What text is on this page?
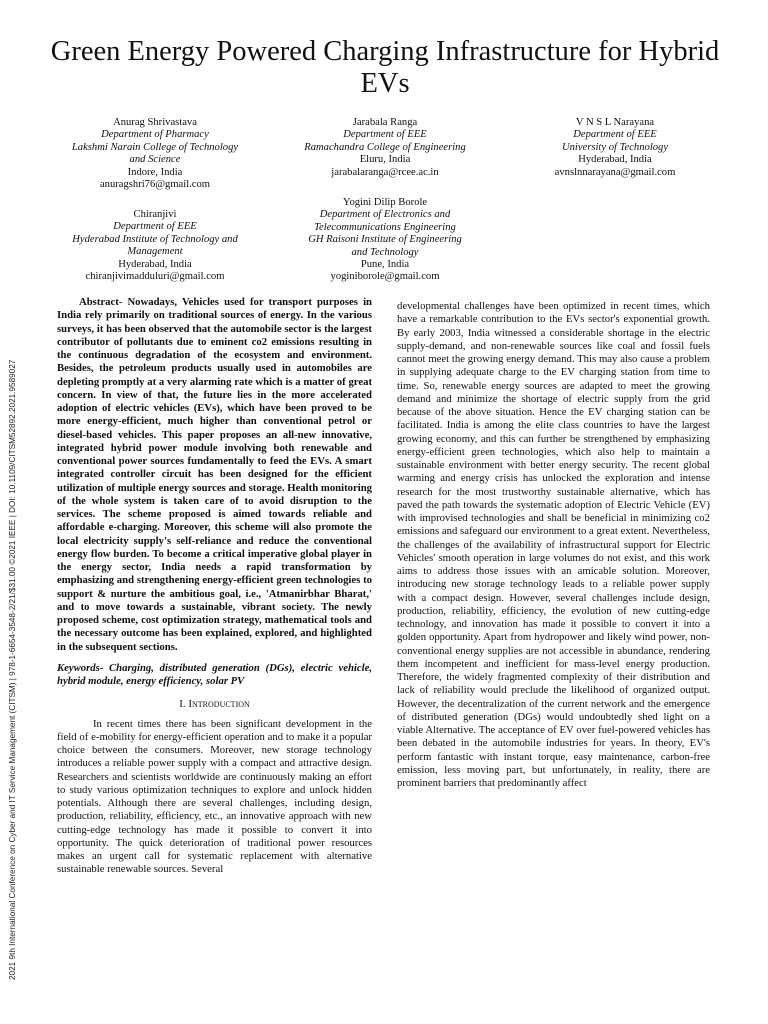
2021 9th International Conference on Cyber and IT Service Management (CITSM) | 978-1-6654-3548-2/21/$31.00 ©2021 IEEE | DOI: 10.1109/CITSM52892.2021.9589027
Green Energy Powered Charging Infrastructure for Hybrid EVs
Anurag Shrivastava
Department of Pharmacy
Lakshmi Narain College of Technology
and Science
Indore, India
anuragshri76@gmail.com
Jarabala Ranga
Department of EEE
Ramachandra College of Engineering
Eluru, India
jarabalaranga@rcee.ac.in
V N S L Narayana
Department of EEE
University of Technology
Hyderabad, India
avnslnnarayana@gmail.com
Chiranjivi
Department of EEE
Hyderabad Institute of Technology and
Management
Hyderabad, India
chiranjivimadduluri@gmail.com
Yogini Dilip Borole
Department of Electronics and
Telecommunications Engineering
GH Raisoni Institute of Engineering
and Technology
Pune, India
yoginiborole@gmail.com

Abstract- Nowadays, Vehicles used for transport purposes in India rely primarily on traditional sources of energy. In the various surveys, it has been observed that the automobile sector is the largest contributor of pollutants due to eminent co2 emissions resulting in the continuous degradation of the ecosystem and environment. Besides, the petroleum products usually used in automobiles are depleting promptly at a very alarming rate which is a matter of great concern. In view of that, the future lies in the more accelerated adoption of electric vehicles (EVs), which have been proved to be more energy-efficient, much higher than conventional petrol or diesel-based vehicles. This paper proposes an all-new innovative, integrated hybrid power module involving both renewable and conventional power sources fundamentally to feed the EVs. A smart integrated controller circuit has been designed for the efficient utilization of multiple energy sources and storage. Health monitoring of the whole system is taken care of to avoid disruption to the services. The scheme proposed is aimed towards reliable and affordable e-charging. Moreover, this scheme will also promote the local electricity supply's self-reliance and reduce the conventional energy flow burden. To become a critical imperative global player in the energy sector, India needs a rapid transformation by emphasizing and strengthening energy-efficient green technologies to support & nurture the ambitious goal, i.e., 'Atmanirbhar Bharat,' and to move towards a sustainable, vibrant society. The newly proposed scheme, cost optimization strategy, mathematical tools and the necessary outcome has been explained, explored, and highlighted in the subsequent sections.

Keywords- Charging, distributed generation (DGs), electric vehicle, hybrid module, energy efficiency, solar PV

I. Introduction

In recent times there has been significant development in the field of e-mobility for energy-efficient operation and to make it a popular choice between the consumers. Moreover, new storage technology introduces a reliable power supply with a compact and attractive design. Researchers and scientists worldwide are continuously making an effort to study various optimization techniques to explore and unlock hidden potentials. Although there are several challenges, including design, production, reliability, efficiency, etc., an innovative approach with new cutting-edge technology has made it possible to convert it into opportunity. The quick deterioration of traditional power resources makes an urgent call for systematic replacement with alternative sustainable renewable sources. Several

developmental challenges have been optimized in recent times, which have a remarkable contribution to the EVs sector's exponential growth. By early 2003, India witnessed a considerable shortage in the electric supply-demand, and non-renewable sources like coal and fossil fuels cannot meet the growing energy demand. This may also cause a problem in supplying adequate charge to the EV charging station from time to time. So, renewable energy sources are adapted to meet the growing demand and minimize the shortage of electric supply from the grid because of the above situation. Hence the EV charging station can be facilitated. India is among the elite class countries to have the largest growing economy, and this can further be strengthened by emphasizing energy-efficient green technologies, which also help to maintain a sustainable environment with better energy security. The recent global warming and energy crisis has unlocked the exploration and intense research for the most trustworthy sustainable alternative, which has paved the path towards the systematic adoption of Electric Vehicle (EV) with improvised technologies and shall be beneficial in minimizing co2 emissions and safeguard our environment to a great extent. Nevertheless, the challenges of the availability of infrastructural support for Electric Vehicles' smooth operation in large volumes do not exist, and this work aims to address those issues with an amicable solution. Moreover, introducing new storage technology leads to a reliable power supply with a compact design. However, several challenges include design, production, reliability, efficiency, the evolution of new cutting-edge technology, and innovation has made it possible to convert it into a golden opportunity. Apart from hydropower and likely wind power, non-conventional energy supplies are not accessible in abundance, rendering them incompetent and inefficient for mass-level energy production. Therefore, the widely fragmented complexity of their distribution and lack of reliability would preclude the likelihood of organized output. However, the decentralization of the current network and the emergence of distributed generation (DGs) would undoubtedly shed light on a viable Alternative. The acceptance of EV over fuel-powered vehicles has been debated in the automobile industries for years. In theory, EV's perform fantastic with instant torque, easy maintenance, carbon-free emission, less moving part, but unfortunately, in reality, there are prominent barriers that predominantly affect
